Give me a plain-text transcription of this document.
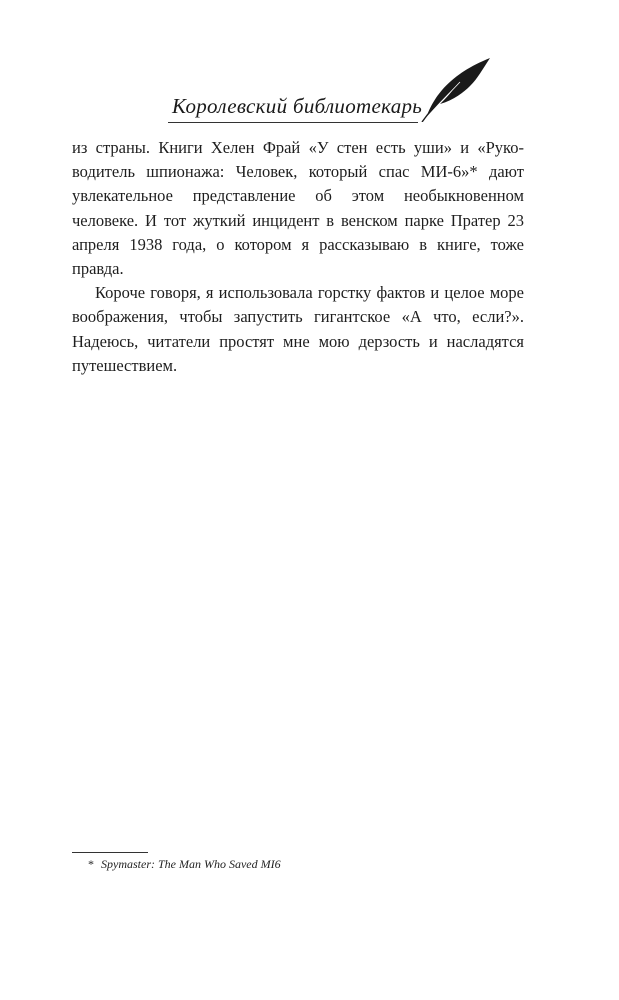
Королевский библиотекарь

из страны. Книги Хелен Фрай «У стен есть уши» и «Руководитель шпионажа: Человек, который спас МИ-6»* дают увлекательное представление об этом необыкновенном человеке. И тот жуткий инцидент в венском парке Пратер 23 апреля 1938 года, о котором я рассказываю в книге, тоже правда.

Короче говоря, я использовала горстку фактов и целое море воображения, чтобы запустить гигантское «А что, если?». Надеюсь, читатели простят мне мою дерзость и насладятся путешествием.

* Spymaster: The Man Who Saved MI6
